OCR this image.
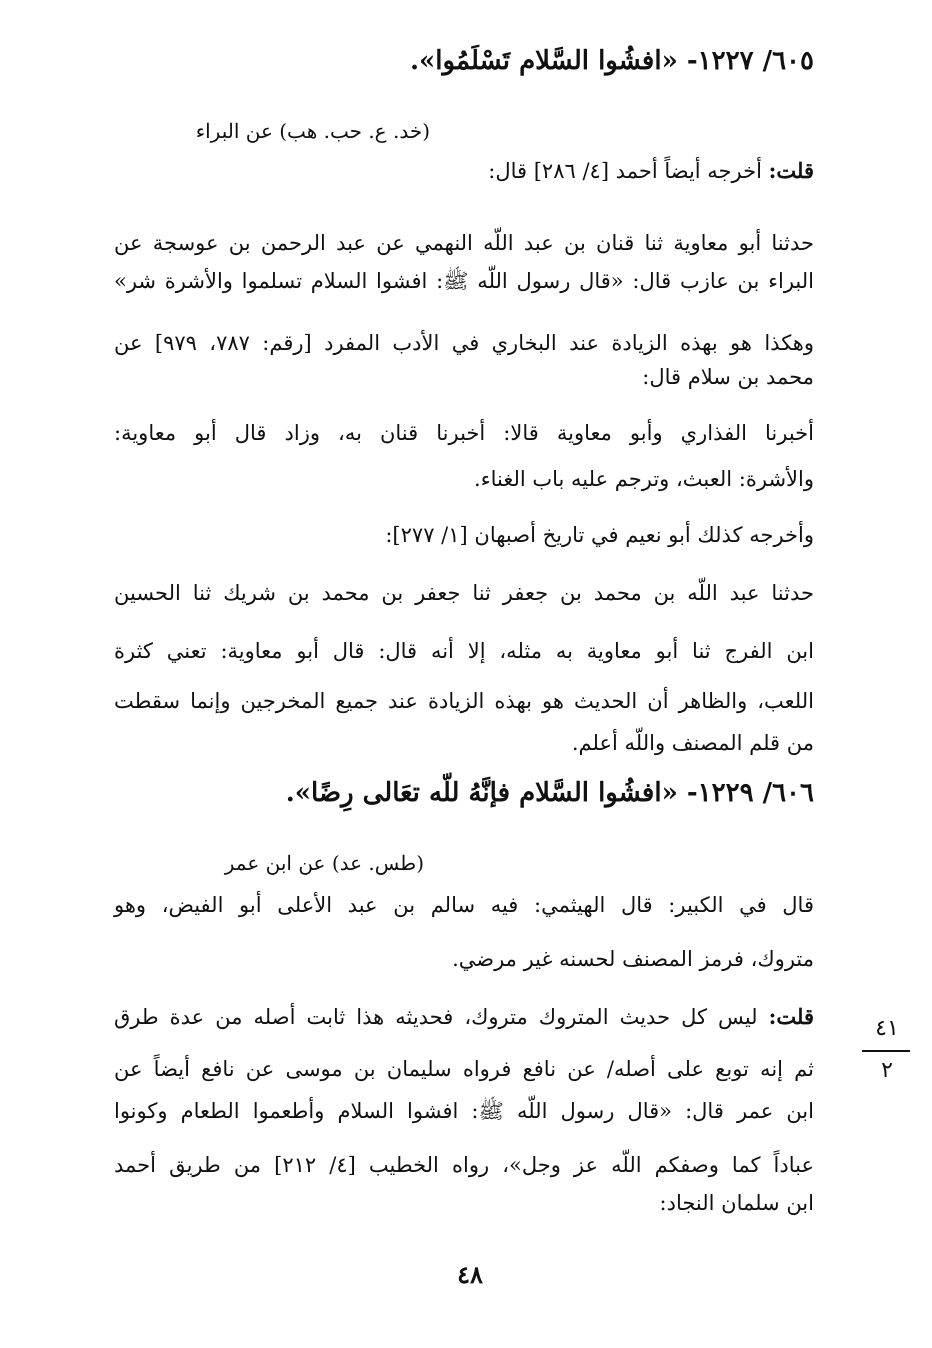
٦٠٥/ ١٢٢٧- «افشُوا السَّلام تَسْلَمُوا».
(خد. ع. حب. هب) عن البراء
قلت: أخرجه أيضاً أحمد [٤/ ٢٨٦] قال:
حدثنا أبو معاوية ثنا قنان بن عبد اللّه النهمي عن عبد الرحمن بن عوسجة عن
البراء بن عازب قال: «قال رسول اللّه ﷺ: افشوا السلام تسلموا والأشرة شر»
وهكذا هو بهذه الزيادة عند البخاري في الأدب المفرد [رقم: ٧٨٧، ٩٧٩] عن
محمد بن سلام قال:
أخبرنا الفذاري وأبو معاوية قالا: أخبرنا قنان به، وزاد قال أبو معاوية:
والأشرة: العبث، وترجم عليه باب الغناء.
وأخرجه كذلك أبو نعيم في تاريخ أصبهان [١/ ٢٧٧]:
حدثنا عبد اللّه بن محمد بن جعفر ثنا جعفر بن محمد بن شريك ثنا الحسين
ابن الفرج ثنا أبو معاوية به مثله، إلا أنه قال: قال أبو معاوية: تعني كثرة
اللعب، والظاهر أن الحديث هو بهذه الزيادة عند جميع المخرجين وإنما سقطت
من قلم المصنف واللّه أعلم.
٦٠٦/ ١٢٢٩- «افشُوا السَّلام فإنَّهُ للّه تعَالى رِضًا».
(طس. عد) عن ابن عمر
قال في الكبير: قال الهيثمي: فيه سالم بن عبد الأعلى أبو الفيض، وهو
متروك، فرمز المصنف لحسنه غير مرضي.
قلت: ليس كل حديث المتروك متروك، فحديثه هذا ثابت أصله من عدة طرق
ثم إنه توبع على أصله/ عن نافع فرواه سليمان بن موسى عن نافع أيضاً عن
ابن عمر قال: «قال رسول اللّه ﷺ: افشوا السلام وأطعموا الطعام وكونوا
عباداً كما وصفكم اللّه عز وجل»، رواه الخطيب [٤/ ٢١٢] من طريق أحمد
ابن سلمان النجاد:
٤١
٢
٤٨
